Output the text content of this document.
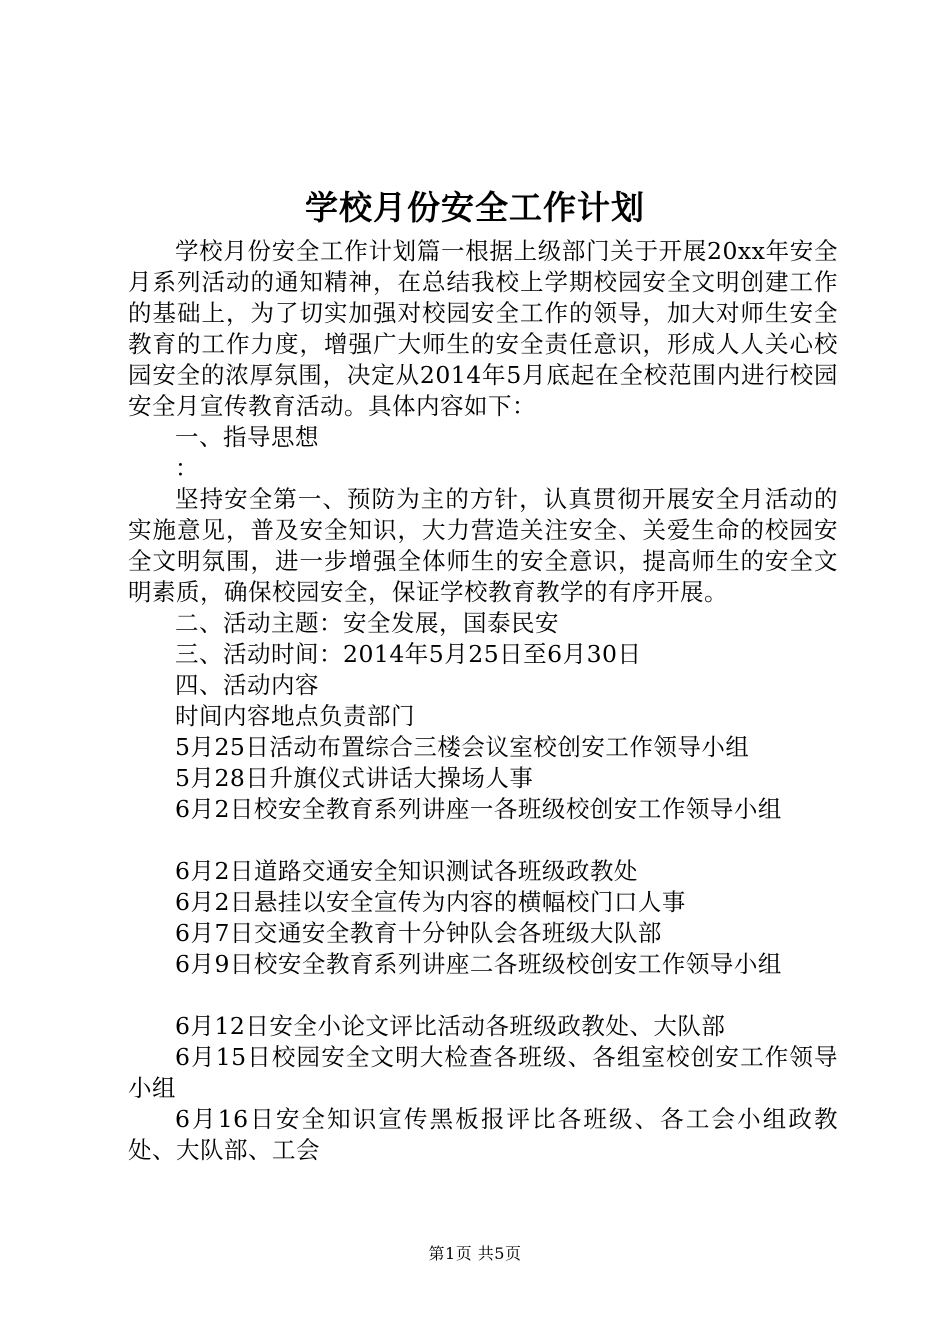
学校月份安全工作计划

学校月份安全工作计划篇一根据上级部门关于开展20xx年安全月系列活动的通知精神，在总结我校上学期校园安全文明创建工作的基础上，为了切实加强对校园安全工作的领导，加大对师生安全教育的工作力度，增强广大师生的安全责任意识，形成人人关心校园安全的浓厚氛围，决定从2014年5月底起在全校范围内进行校园安全月宣传教育活动。具体内容如下：

一、指导思想

：

坚持安全第一、预防为主的方针，认真贯彻开展安全月活动的实施意见，普及安全知识，大力营造关注安全、关爱生命的校园安全文明氛围，进一步增强全体师生的安全意识，提高师生的安全文明素质，确保校园安全，保证学校教育教学的有序开展。

二、活动主题：安全发展，国泰民安

三、活动时间：2014年5月25日至6月30日

四、活动内容

时间内容地点负责部门

5月25日活动布置综合三楼会议室校创安工作领导小组

5月28日升旗仪式讲话大操场人事

6月2日校安全教育系列讲座一各班级校创安工作领导小组

6月2日道路交通安全知识测试各班级政教处

6月2日悬挂以安全宣传为内容的横幅校门口人事

6月7日交通安全教育十分钟队会各班级大队部

6月9日校安全教育系列讲座二各班级校创安工作领导小组

6月12日安全小论文评比活动各班级政教处、大队部

6月15日校园安全文明大检查各班级、各组室校创安工作领导小组

6月16日安全知识宣传黑板报评比各班级、各工会小组政教处、大队部、工会

第1页 共5页
